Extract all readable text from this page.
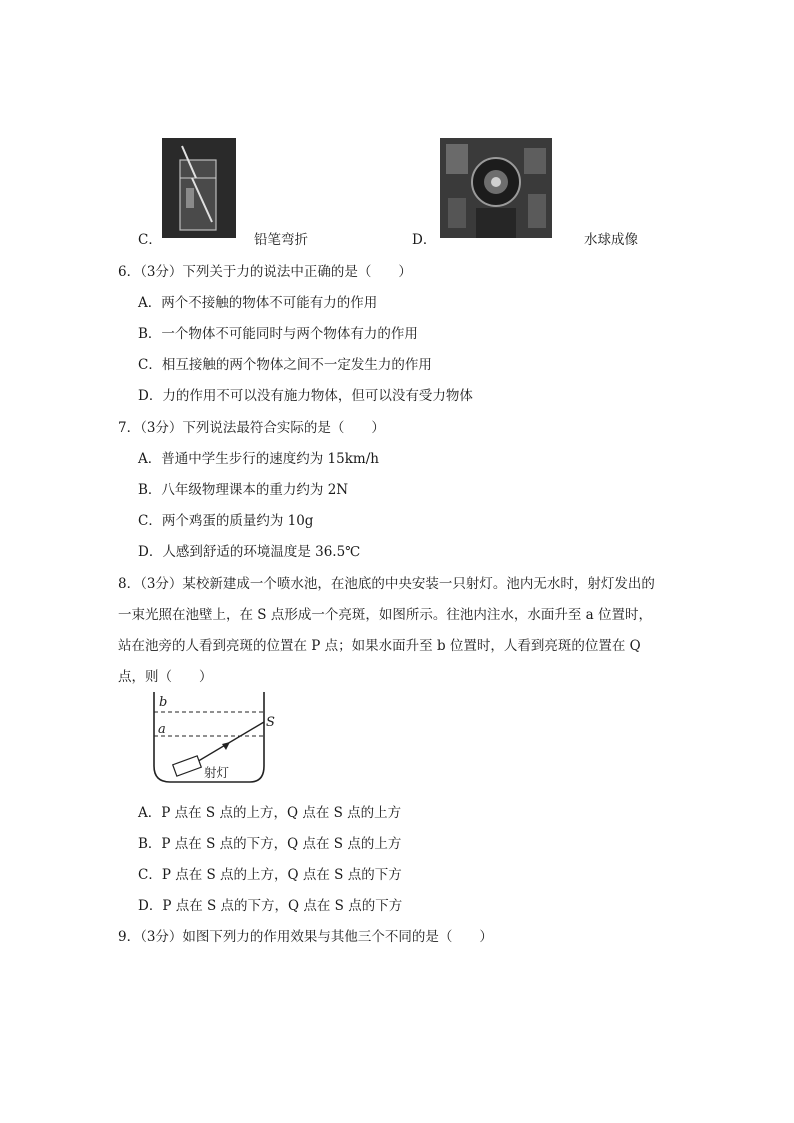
C．	铅笔弯折	D．	水球成像
6．（3分）下列关于力的说法中正确的是（　　）
A．两个不接触的物体不可能有力的作用
B．一个物体不可能同时与两个物体有力的作用
C．相互接触的两个物体之间不一定发生力的作用
D．力的作用不可以没有施力物体，但可以没有受力物体
7．（3分）下列说法最符合实际的是（　　）
A．普通中学生步行的速度约为 15km/h
B．八年级物理课本的重力约为 2N
C．两个鸡蛋的质量约为 10g
D．人感到舒适的环境温度是 36.5℃
8．（3分）某校新建成一个喷水池，在池底的中央安装一只射灯。池内无水时，射灯发出的
一束光照在池壁上，在 S 点形成一个亮斑，如图所示。往池内注水，水面升至 a 位置时，
站在池旁的人看到亮斑的位置在 P 点；如果水面升至 b 位置时，人看到亮斑的位置在 Q
点，则（　　）
b
a	S
射灯
A．P 点在 S 点的上方，Q 点在 S 点的上方
B．P 点在 S 点的下方，Q 点在 S 点的上方
C．P 点在 S 点的上方，Q 点在 S 点的下方
D．P 点在 S 点的下方，Q 点在 S 点的下方
9．（3分）如图下列力的作用效果与其他三个不同的是（　　）
